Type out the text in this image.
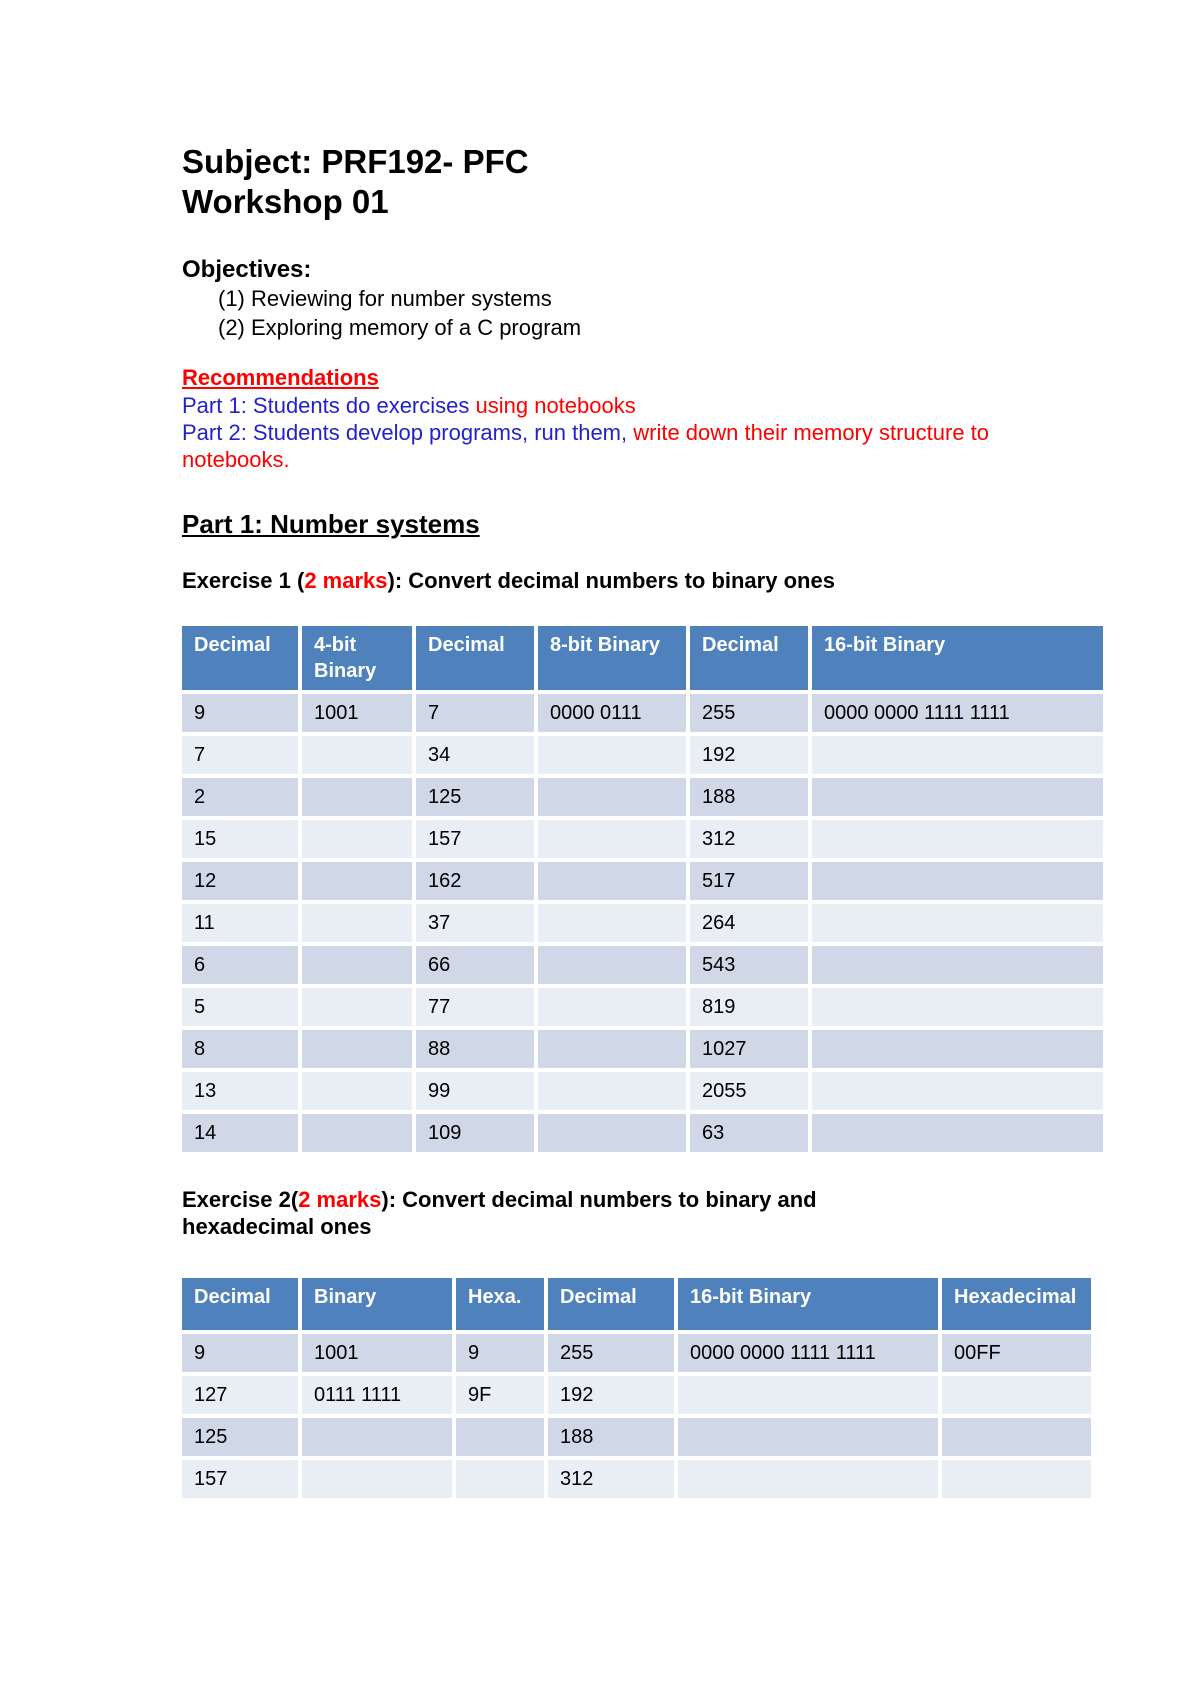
Subject: PRF192- PFC
Workshop 01
Objectives:
(1) Reviewing for number systems
(2) Exploring memory of a C program
Recommendations
Part 1: Students do exercises using notebooks
Part 2: Students develop programs, run them, write down their memory structure to notebooks.
Part 1: Number systems
Exercise 1 (2 marks): Convert decimal numbers to binary ones
Decimal	4-bit Binary	Decimal	8-bit Binary	Decimal	16-bit Binary
9	1001	7	0000 0111	255	0000 0000 1111 1111
7		34		192	
2		125		188	
15		157		312	
12		162		517	
11		37		264	
6		66		543	
5		77		819	
8		88		1027	
13		99		2055	
14		109		63	
Exercise 2(2 marks): Convert decimal numbers to binary and hexadecimal ones
Decimal	Binary	Hexa.	Decimal	16-bit Binary	Hexadecimal
9	1001	9	255	0000 0000 1111 1111	00FF
127	0111 1111	9F	192		
125			188		
157			312		
